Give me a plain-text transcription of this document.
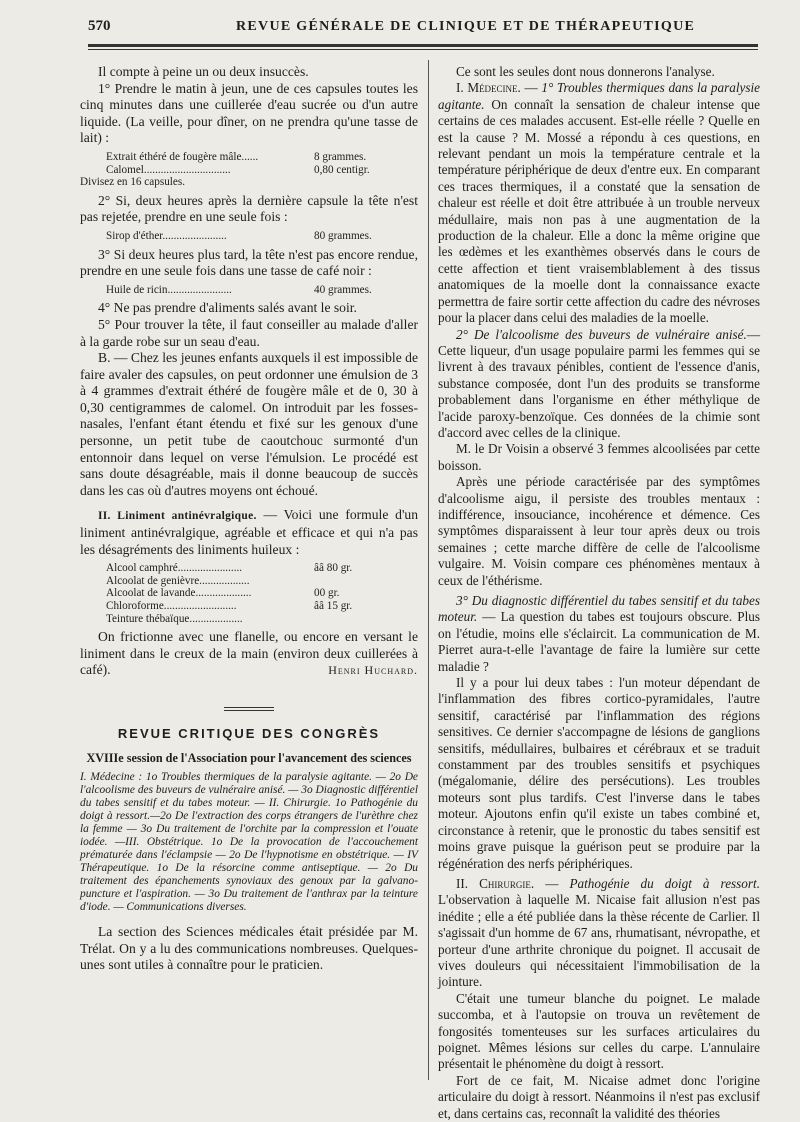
570	REVUE GÉNÉRALE DE CLINIQUE ET DE THÉRAPEUTIQUE

Il compte à peine un ou deux insuccès.

1° Prendre le matin à jeun, une de ces capsules toutes les cinq minutes dans une cuillerée d'eau sucrée ou d'un autre liquide. (La veille, pour dîner, on ne prendra qu'une tasse de lait) :

Extrait éthéré de fougère mâle......	8 grammes.
Calomel...............................	0,80 centigr.
Divisez en 16 capsules.

2° Si, deux heures après la dernière capsule la tête n'est pas rejetée, prendre en une seule fois :

Sirop d'éther.......................	80 grammes.

3° Si deux heures plus tard, la tête n'est pas encore rendue, prendre en une seule fois dans une tasse de café noir :

Huile de ricin.......................	40 grammes.

4° Ne pas prendre d'aliments salés avant le soir.

5° Pour trouver la tête, il faut conseiller au malade d'aller à la garde robe sur un seau d'eau.

B. — Chez les jeunes enfants auxquels il est impossible de faire avaler des capsules, on peut ordonner une émulsion de 3 à 4 grammes d'extrait éthéré de fougère mâle et de 0, 30 à 0,30 centigrammes de calomel. On introduit par les fosses-nasales, l'enfant étant étendu et fixé sur les genoux d'une personne, un petit tube de caoutchouc surmonté d'un entonnoir dans lequel on verse l'émulsion. Le procédé est sans doute désagréable, mais il donne beaucoup de succès dans les cas où d'autres moyens ont échoué.

II. Liniment antinévralgique. — Voici une formule d'un liniment antinévralgique, agréable et efficace et qui n'a pas les désagréments des liniments huileux :

Alcool camphré.......................	ââ 80 gr.
Alcoolat de genièvre..................
Alcoolat de lavande....................	00 gr.
Chloroforme..........................	ââ 15 gr.
Teinture thébaïque...................

On frictionne avec une flanelle, ou encore en versant le liniment dans le creux de la main (environ deux cuillerées à café).	Henri Huchard.

REVUE CRITIQUE DES CONGRÈS
XVIIIe session de l'Association pour l'avancement des sciences

I. Médecine : 1o Troubles thermiques de la paralysie agitante. — 2o De l'alcoolisme des buveurs de vulnéraire anisé. — 3o Diagnostic différentiel du tabes sensitif et du tabes moteur. — II. Chirurgie. 1o Pathogénie du doigt à ressort.—2o De l'extraction des corps étrangers de l'urèthre chez la femme — 3o Du traitement de l'orchite par la compression et l'ouate iodée. —III. Obstétrique. 1o De la provocation de l'accouchement prématurée dans l'éclampsie — 2o De l'hypnotisme en obstétrique. — IV Thérapeutique. 1o De la résorcine comme antiseptique. — 2o Du traitement des épanchements synoviaux des genoux par la galvano-puncture et l'aspiration. — 3o Du traitement de l'anthrax par la teinture d'iode. — Communications diverses.

La section des Sciences médicales était présidée par M. Trélat. On y a lu des communications nombreuses. Quelques-unes sont utiles à connaître pour le praticien.

Ce sont les seules dont nous donnerons l'analyse.

I. Médecine. — 1° Troubles thermiques dans la paralysie agitante. On connaît la sensation de chaleur intense que certains de ces malades accusent. Est-elle réelle ? Quelle en est la cause ? M. Mossé a répondu à ces questions, en relevant pendant un mois la température centrale et la température périphérique de deux d'entre eux. En comparant ces traces thermiques, il a constaté que la sensation de chaleur est réelle et doit être attribuée à un trouble nerveux médullaire, mais non pas à une augmentation de la production de la chaleur. Elle a donc la même origine que les œdèmes et les exanthèmes observés dans le cours de cette affection et tient vraisemblablement à des tissus anatomiques de la moelle dont la connaissance exacte permettra de faire sortir cette affection du cadre des névroses pour la placer dans celui des maladies de la moelle.

2° De l'alcoolisme des buveurs de vulnéraire anisé.— Cette liqueur, d'un usage populaire parmi les femmes qui se livrent à des travaux pénibles, contient de l'essence d'anis, substance composée, dont l'un des produits se transforme probablement dans l'organisme en éther méthylique de l'acide paroxy-benzoïque. Ces données de la chimie sont d'accord avec celles de la clinique.

M. le Dr Voisin a observé 3 femmes alcoolisées par cette boisson.

Après une période caractérisée par des symptômes d'alcoolisme aigu, il persiste des troubles mentaux : indifférence, insouciance, incohérence et démence. Ces symptômes disparaissent à leur tour après deux ou trois semaines ; cette marche diffère de celle de l'alcoolisme vulgaire. M. Voisin compare ces phénomènes mentaux à ceux de l'éthérisme.

3° Du diagnostic différentiel du tabes sensitif et du tabes moteur. — La question du tabes est toujours obscure. Plus on l'étudie, moins elle s'éclaircit. La communication de M. Pierret aura-t-elle l'avantage de faire la lumière sur cette maladie ?

Il y a pour lui deux tabes : l'un moteur dépendant de l'inflammation des fibres cortico-pyramidales, l'autre sensitif, caractérisé par l'inflammation des régions sensitives. Ce dernier s'accompagne de lésions de ganglions sensitifs, médullaires, bulbaires et cérébraux et se traduit constamment par des troubles sensitifs et psychiques (mégalomanie, délire des persécutions). Les troubles moteurs sont plus tardifs. C'est l'inverse dans le tabes moteur. Ajoutons enfin qu'il existe un tabes combiné et, circonstance à retenir, que le pronostic du tabes sensitif est moins grave puisque la guérison peut se produire par la régénération des nerfs périphériques.

II. Chirurgie. — Pathogénie du doigt à ressort. L'observation à laquelle M. Nicaise fait allusion n'est pas inédite ; elle a été publiée dans la thèse récente de Carlier. Il s'agissait d'un homme de 67 ans, rhumatisant, névropathe, et porteur d'une arthrite chronique du poignet. Il accusait de vives douleurs qui nécessitaient l'immobilisation de la jointure.

C'était une tumeur blanche du poignet. Le malade succomba, et à l'autopsie on trouva un revêtement de fongosités tomenteuses sur les surfaces articulaires du poignet. Mêmes lésions sur celles du carpe. L'annulaire présentait le phénomène du doigt à ressort.

Fort de ce fait, M. Nicaise admet donc l'origine articulaire du doigt à ressort. Néanmoins il n'est pas exclusif et, dans certains cas, reconnaît la validité des théories
